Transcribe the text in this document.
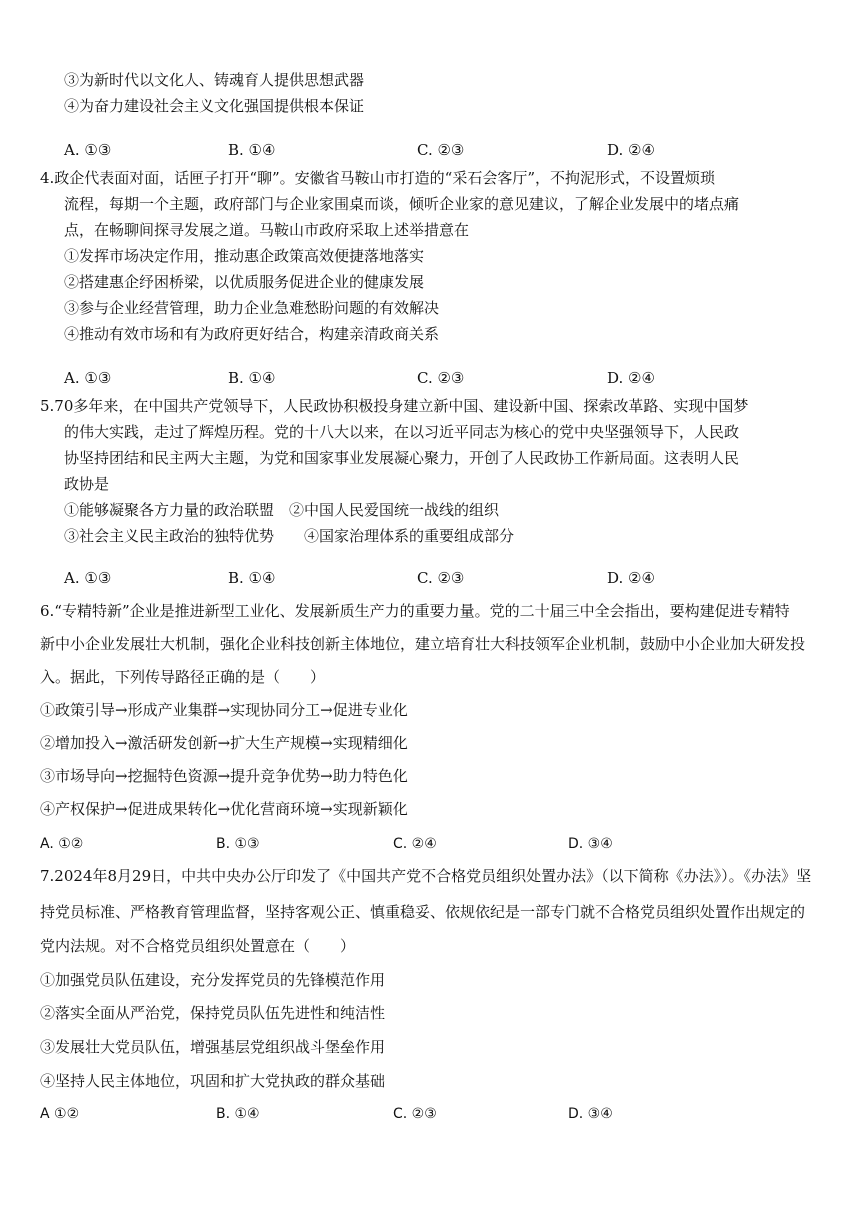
③为新时代以文化人、铸魂育人提供思想武器
④为奋力建设社会主义文化强国提供根本保证
A. ①③	B. ①④	C. ②③	D. ②④
4.政企代表面对面，话匣子打开“聊”。安徽省马鞍山市打造的“采石会客厅”，不拘泥形式，不设置烦琐
流程，每期一个主题，政府部门与企业家围桌而谈，倾听企业家的意见建议，了解企业发展中的堵点痛
点，在畅聊间探寻发展之道。马鞍山市政府采取上述举措意在
①发挥市场决定作用，推动惠企政策高效便捷落地落实
②搭建惠企纾困桥梁，以优质服务促进企业的健康发展
③参与企业经营管理，助力企业急难愁盼问题的有效解决
④推动有效市场和有为政府更好结合，构建亲清政商关系
A. ①③	B. ①④	C. ②③	D. ②④
5.70多年来，在中国共产党领导下，人民政协积极投身建立新中国、建设新中国、探索改革路、实现中国梦
的伟大实践，走过了辉煌历程。党的十八大以来，在以习近平同志为核心的党中央坚强领导下，人民政
协坚持团结和民主两大主题，为党和国家事业发展凝心聚力，开创了人民政协工作新局面。这表明人民
政协是
①能够凝聚各方力量的政治联盟　②中国人民爱国统一战线的组织
③社会主义民主政治的独特优势　　④国家治理体系的重要组成部分
A. ①③	B. ①④	C. ②③	D. ②④
6.“专精特新”企业是推进新型工业化、发展新质生产力的重要力量。党的二十届三中全会指出，要构建促进专精特
新中小企业发展壮大机制，强化企业科技创新主体地位，建立培育壮大科技领军企业机制，鼓励中小企业加大研发投
入。据此，下列传导路径正确的是（　　）
①政策引导→形成产业集群→实现协同分工→促进专业化
②增加投入→激活研发创新→扩大生产规模→实现精细化
③市场导向→挖掘特色资源→提升竞争优势→助力特色化
④产权保护→促进成果转化→优化营商环境→实现新颖化
A. ①②	B. ①③	C. ②④	D. ③④
7.2024年8月29日，中共中央办公厅印发了《中国共产党不合格党员组织处置办法》（以下简称《办法》）。《办法》坚
持党员标准、严格教育管理监督，坚持客观公正、慎重稳妥、依规依纪是一部专门就不合格党员组织处置作出规定的
党内法规。对不合格党员组织处置意在（　　）
①加强党员队伍建设，充分发挥党员的先锋模范作用
②落实全面从严治党，保持党员队伍先进性和纯洁性
③发展壮大党员队伍，增强基层党组织战斗堡垒作用
④坚持人民主体地位，巩固和扩大党执政的群众基础
A ①②	B. ①④	C. ②③	D. ③④
